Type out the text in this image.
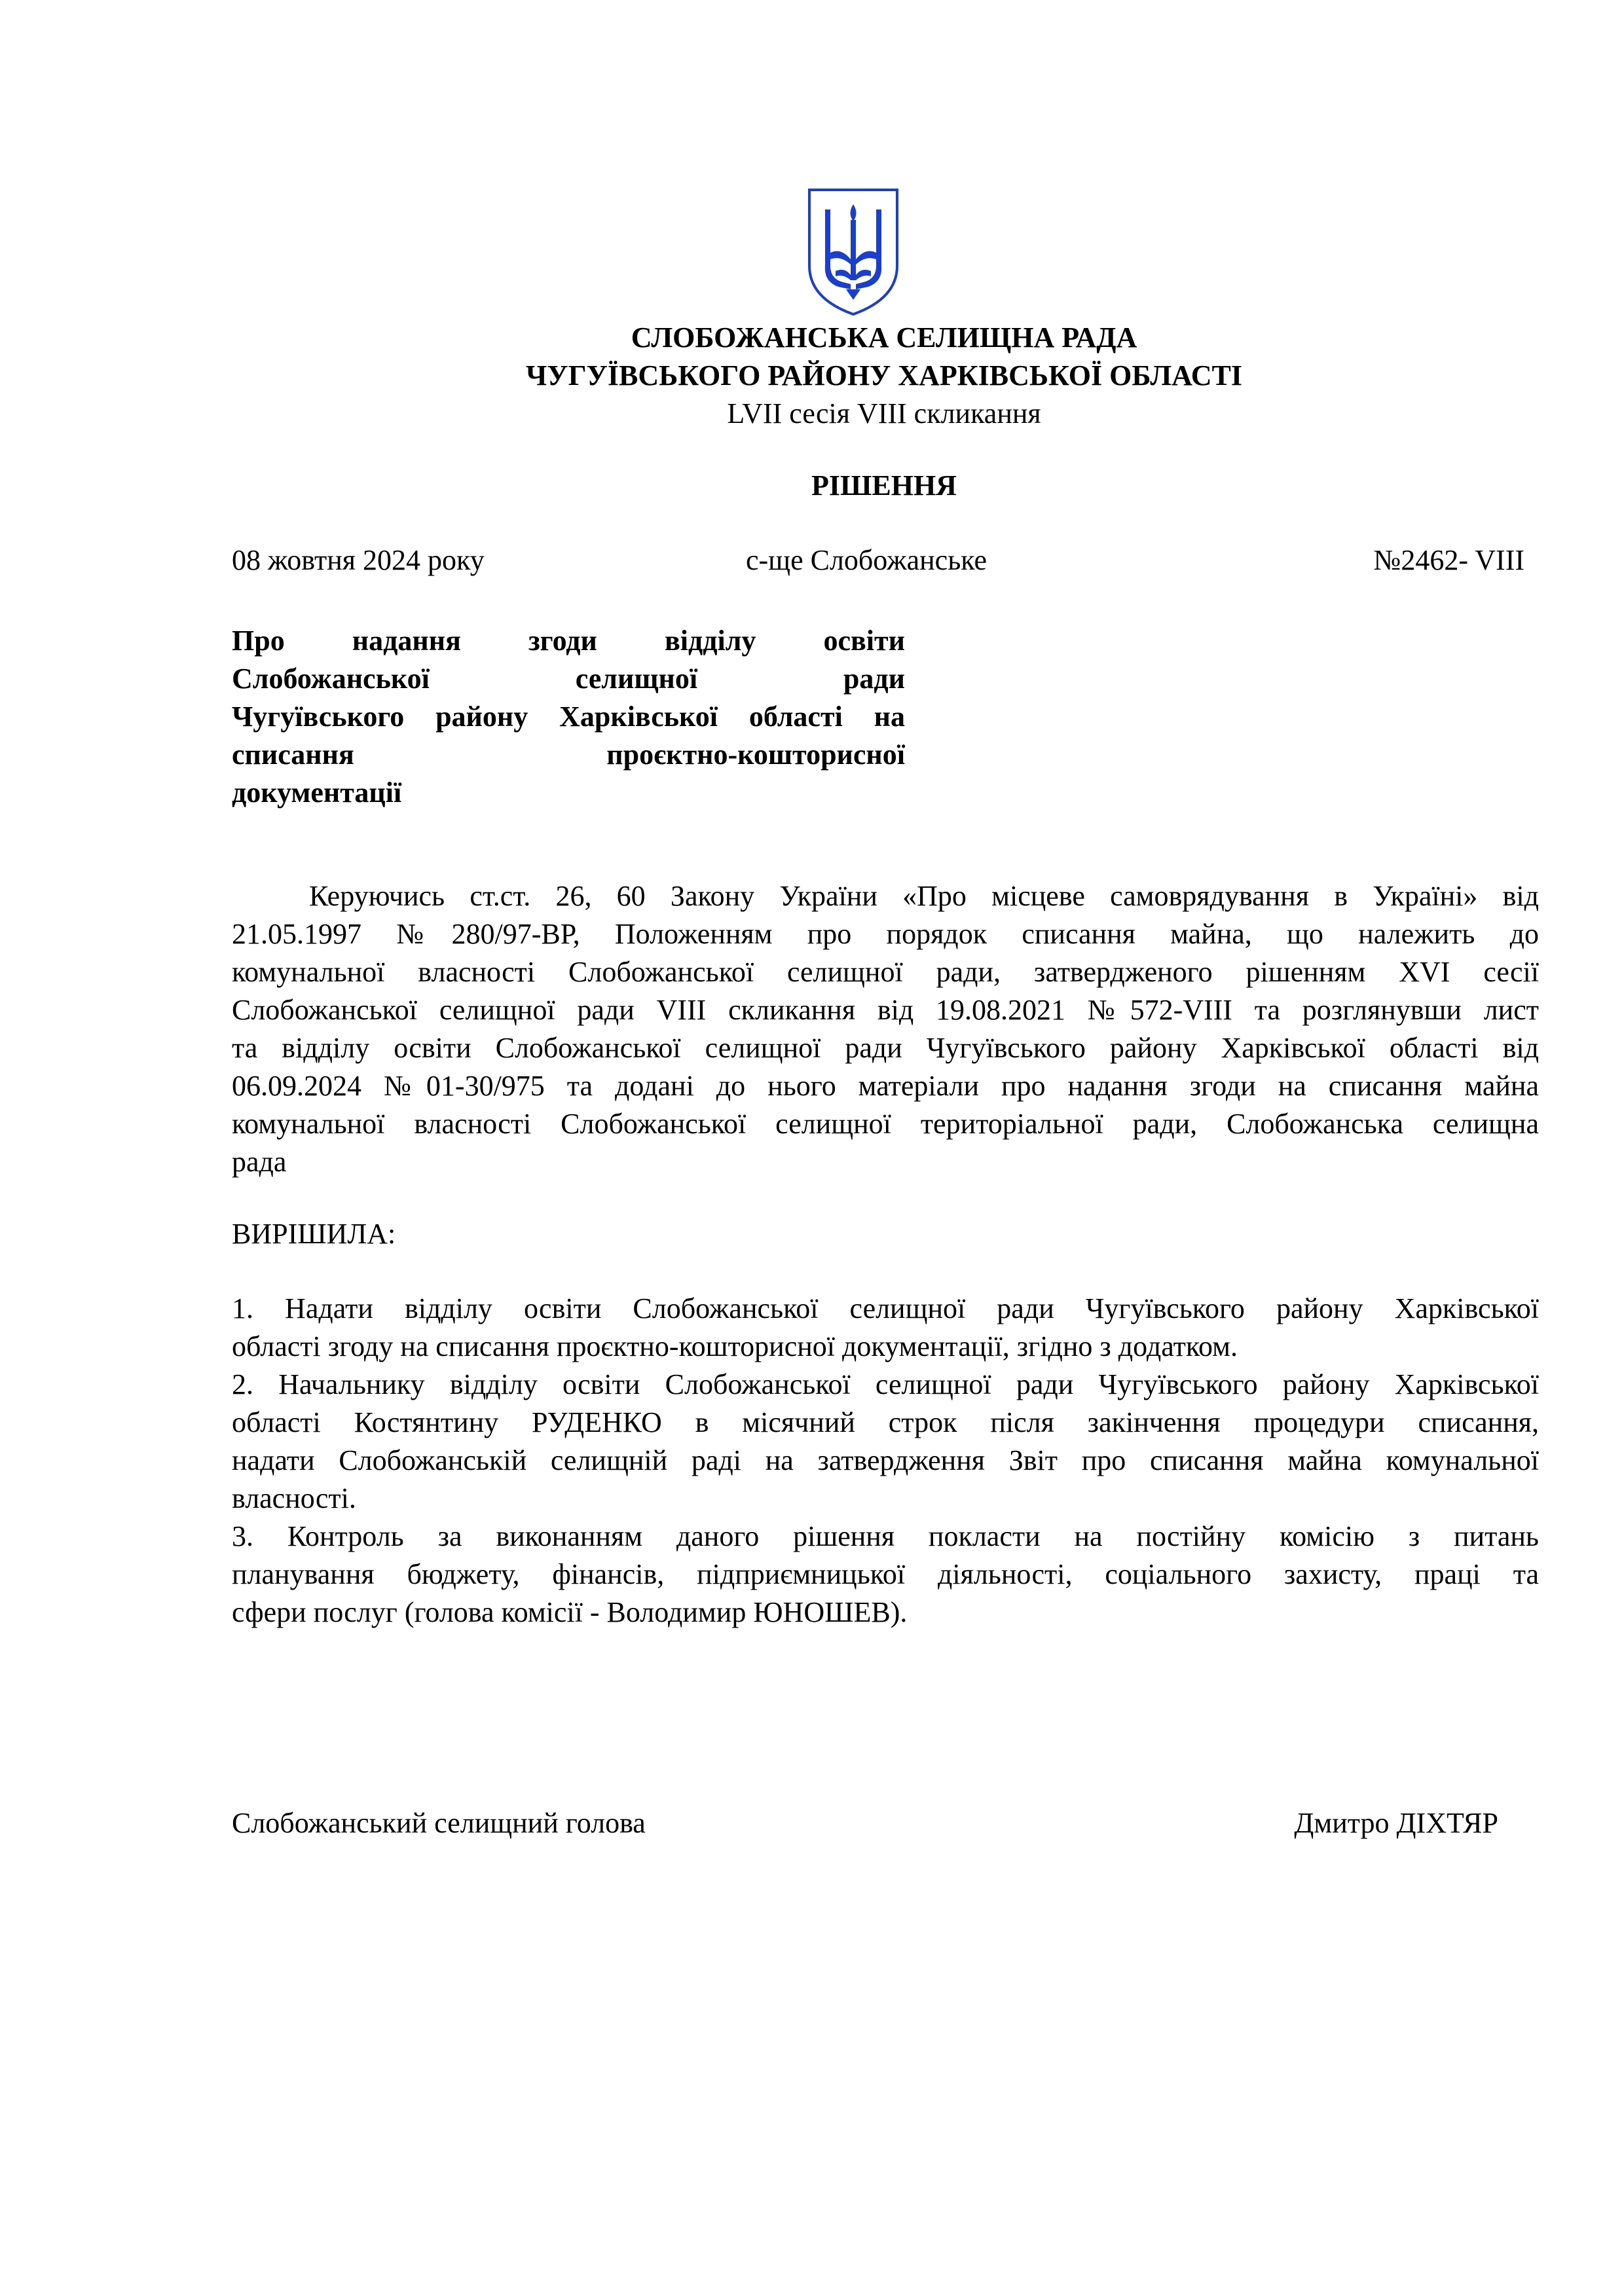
СЛОБОЖАНСЬКА СЕЛИЩНА РАДА
ЧУГУЇВСЬКОГО РАЙОНУ ХАРКІВСЬКОЇ ОБЛАСТІ
LVII сесія VIII скликання
РІШЕННЯ
08 жовтня 2024 року	с-ще Слобожанське	№2462- VIII
Про надання згоди відділу освіти
Слобожанської селищної ради
Чугуївського району Харківської області на
списання проєктно-кошторисної
документації
Керуючись ст.ст. 26, 60 Закону України «Про місцеве самоврядування в Україні» від
21.05.1997 №280/97-ВР, Положенням про порядок списання майна, що належить до
комунальної власності Слобожанської селищної ради, затвердженого рішенням XVI сесії
Слобожанської селищної ради VIII скликання від 19.08.2021 №572-VIII та розглянувши лист
та відділу освіти Слобожанської селищної ради Чугуївського району Харківської області від
06.09.2024 №01-30/975 та додані до нього матеріали про надання згоди на списання майна
комунальної власності Слобожанської селищної територіальної ради, Слобожанська селищна
рада
ВИРІШИЛА:
1. Надати відділу освіти Слобожанської селищної ради Чугуївського району Харківської
області згоду на списання проєктно-кошторисної документації, згідно з додатком.
2. Начальнику відділу освіти Слобожанської селищної ради Чугуївського району Харківської
області Костянтину РУДЕНКО в місячний строк після закінчення процедури списання,
надати Слобожанській селищній раді на затвердження Звіт про списання майна комунальної
власності.
3. Контроль за виконанням даного рішення покласти на постійну комісію з питань
планування бюджету, фінансів, підприємницької діяльності, соціального захисту, праці та
сфери послуг (голова комісії - Володимир ЮНОШЕВ).
Слобожанський селищний голова	Дмитро ДІХТЯР
